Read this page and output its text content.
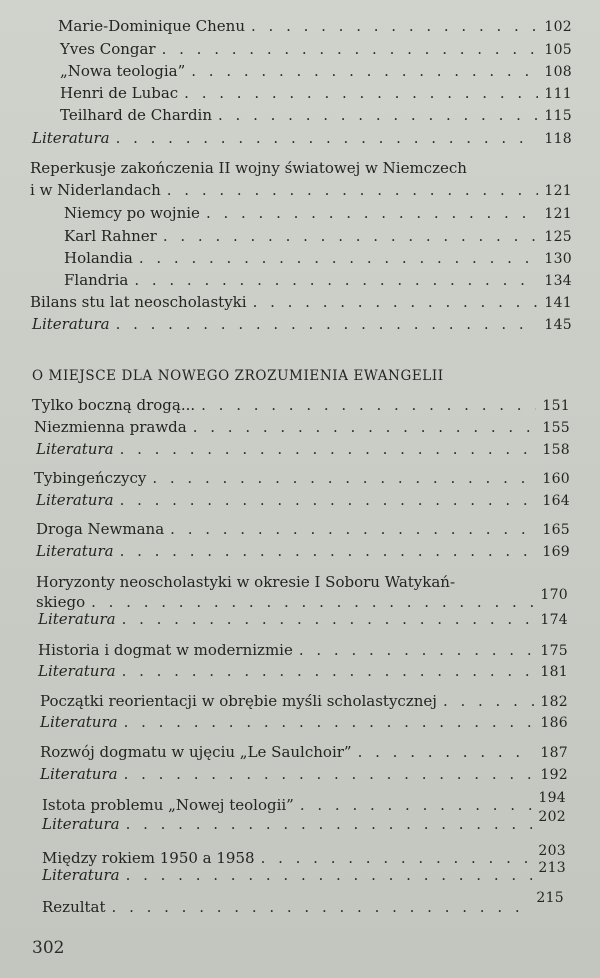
Marie-Dominique Chenu . . .	102
Yves Congar . . .	105
„Nowa teologia” . . .	108
Henri de Lubac . . .	111
Teilhard de Chardin . . .	115
Literatura . . .	118
Reperkusje zakończenia II wojny światowej w Niemczech
i w Niderlandach . . .	121
Niemcy po wojnie . . .	121
Karl Rahner . . .	125
Holandia . . .	130
Flandria . . .	134
Bilans stu lat neoscholastyki . . .	141
Literatura . . .	145
O MIEJSCE DLA NOWEGO ZROZUMIENIA EWANGELII
Tylko boczną drogą... . . .	151
Niezmienna prawda . . .	155
Literatura . . .	158
Tybingeńczycy . . .	160
Literatura . . .	164
Droga Newmana . . .	165
Literatura . . .	169
Horyzonty neoscholastyki w okresie I Soboru Watykań-
skiego . . .	170
Literatura . . .	174
Historia i dogmat w modernizmie . . .	175
Literatura . . .	181
Początki reorientacji w obrębie myśli scholastycznej . . .	182
Literatura . . .	186
Rozwój dogmatu w ujęciu „Le Saulchoir” . . .	187
Literatura . . .	192
Istota problemu „Nowej teologii” . . .	194
Literatura . . .	202
Między rokiem 1950 a 1958 . . .	203
Literatura . . .	213
Rezultat . . .	215
302
